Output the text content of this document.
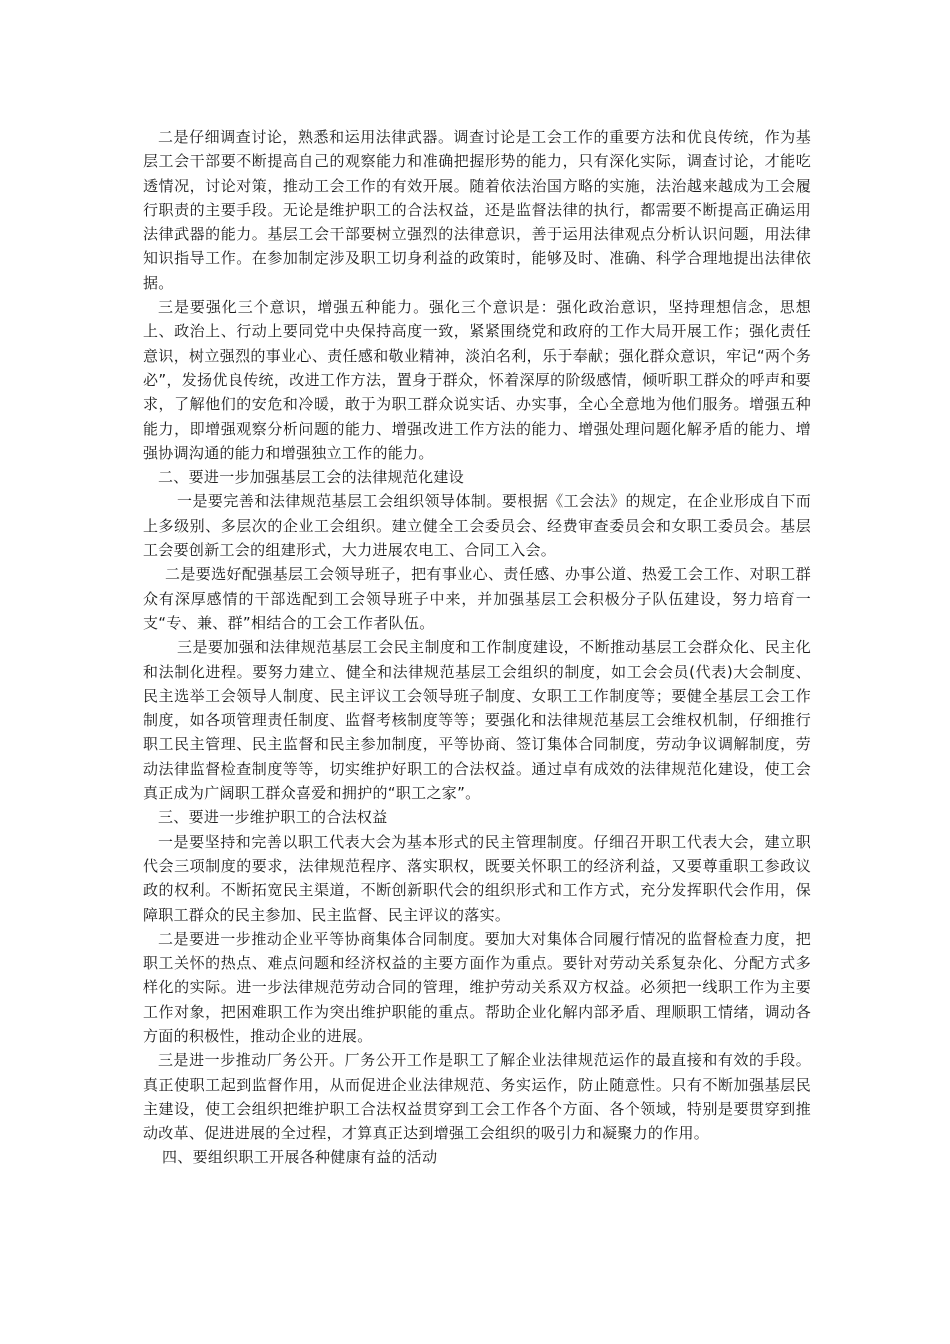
二是仔细调查讨论，熟悉和运用法律武器。调查讨论是工会工作的重要方法和优良传统，作为基层工会干部要不断提高自己的观察能力和准确把握形势的能力，只有深化实际，调查讨论，才能吃透情况，讨论对策，推动工会工作的有效开展。随着依法治国方略的实施，法治越来越成为工会履行职责的主要手段。无论是维护职工的合法权益，还是监督法律的执行，都需要不断提高正确运用法律武器的能力。基层工会干部要树立强烈的法律意识，善于运用法律观点分析认识问题，用法律知识指导工作。在参加制定涉及职工切身利益的政策时，能够及时、准确、科学合理地提出法律依据。

三是要强化三个意识，增强五种能力。强化三个意识是：强化政治意识，坚持理想信念，思想上、政治上、行动上要同党中央保持高度一致，紧紧围绕党和政府的工作大局开展工作；强化责任意识，树立强烈的事业心、责任感和敬业精神，淡泊名利，乐于奉献；强化群众意识，牢记“两个务必”，发扬优良传统，改进工作方法，置身于群众，怀着深厚的阶级感情，倾听职工群众的呼声和要求，了解他们的安危和冷暖，敢于为职工群众说实话、办实事，全心全意地为他们服务。增强五种能力，即增强观察分析问题的能力、增强改进工作方法的能力、增强处理问题化解矛盾的能力、增强协调沟通的能力和增强独立工作的能力。

二、要进一步加强基层工会的法律规范化建设

一是要完善和法律规范基层工会组织领导体制。要根据《工会法》的规定，在企业形成自下而上多级别、多层次的企业工会组织。建立健全工会委员会、经费审查委员会和女职工委员会。基层工会要创新工会的组建形式，大力进展农电工、合同工入会。

二是要选好配强基层工会领导班子，把有事业心、责任感、办事公道、热爱工会工作、对职工群众有深厚感情的干部选配到工会领导班子中来，并加强基层工会积极分子队伍建设，努力培育一支“专、兼、群”相结合的工会工作者队伍。

三是要加强和法律规范基层工会民主制度和工作制度建设，不断推动基层工会群众化、民主化和法制化进程。要努力建立、健全和法律规范基层工会组织的制度，如工会会员(代表)大会制度、民主选举工会领导人制度、民主评议工会领导班子制度、女职工工作制度等；要健全基层工会工作制度，如各项管理责任制度、监督考核制度等等；要强化和法律规范基层工会维权机制，仔细推行职工民主管理、民主监督和民主参加制度，平等协商、签订集体合同制度，劳动争议调解制度，劳动法律监督检查制度等等，切实维护好职工的合法权益。通过卓有成效的法律规范化建设，使工会真正成为广阔职工群众喜爱和拥护的“职工之家”。

三、要进一步维护职工的合法权益

一是要坚持和完善以职工代表大会为基本形式的民主管理制度。仔细召开职工代表大会，建立职代会三项制度的要求，法律规范程序、落实职权，既要关怀职工的经济利益，又要尊重职工参政议政的权利。不断拓宽民主渠道，不断创新职代会的组织形式和工作方式，充分发挥职代会作用，保障职工群众的民主参加、民主监督、民主评议的落实。

二是要进一步推动企业平等协商集体合同制度。要加大对集体合同履行情况的监督检查力度，把职工关怀的热点、难点问题和经济权益的主要方面作为重点。要针对劳动关系复杂化、分配方式多样化的实际。进一步法律规范劳动合同的管理，维护劳动关系双方权益。必须把一线职工作为主要工作对象，把困难职工作为突出维护职能的重点。帮助企业化解内部矛盾、理顺职工情绪，调动各方面的积极性，推动企业的进展。

三是进一步推动厂务公开。厂务公开工作是职工了解企业法律规范运作的最直接和有效的手段。真正使职工起到监督作用，从而促进企业法律规范、务实运作，防止随意性。只有不断加强基层民主建设，使工会组织把维护职工合法权益贯穿到工会工作各个方面、各个领域，特别是要贯穿到推动改革、促进进展的全过程，才算真正达到增强工会组织的吸引力和凝聚力的作用。

四、要组织职工开展各种健康有益的活动
